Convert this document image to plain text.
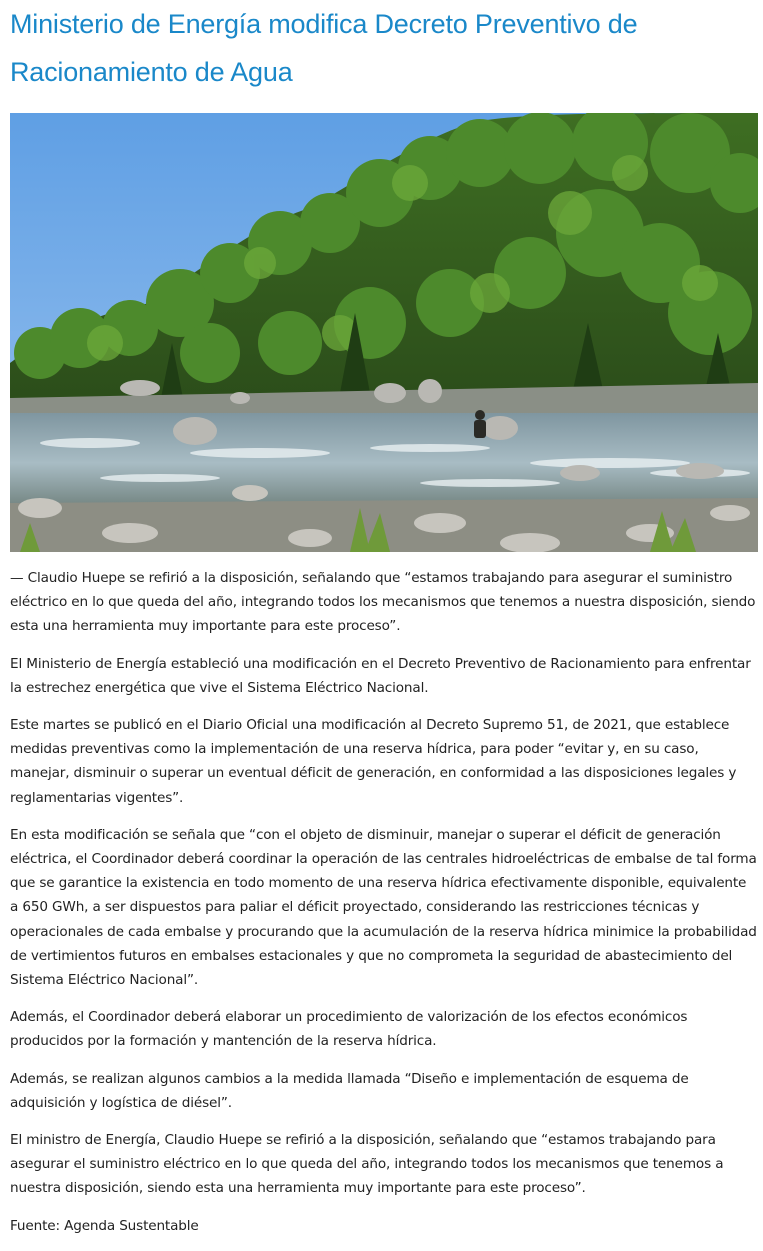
Ministerio de Energía modifica Decreto Preventivo de Racionamiento de Agua

— Claudio Huepe se refirió a la disposición, señalando que “estamos trabajando para asegurar el suministro eléctrico en lo que queda del año, integrando todos los mecanismos que tenemos a nuestra disposición, siendo esta una herramienta muy importante para este proceso”.

El Ministerio de Energía estableció una modificación en el Decreto Preventivo de Racionamiento para enfrentar la estrechez energética que vive el Sistema Eléctrico Nacional.

Este martes se publicó en el Diario Oficial una modificación al Decreto Supremo 51, de 2021, que establece medidas preventivas como la implementación de una reserva hídrica, para poder “evitar y, en su caso, manejar, disminuir o superar un eventual déficit de generación, en conformidad a las disposiciones legales y reglamentarias vigentes”.

En esta modificación se señala que “con el objeto de disminuir, manejar o superar el déficit de generación eléctrica, el Coordinador deberá coordinar la operación de las centrales hidroeléctricas de embalse de tal forma que se garantice la existencia en todo momento de una reserva hídrica efectivamente disponible, equivalente a 650 GWh, a ser dispuestos para paliar el déficit proyectado, considerando las restricciones técnicas y operacionales de cada embalse y procurando que la acumulación de la reserva hídrica minimice la probabilidad de vertimientos futuros en embalses estacionales y que no comprometa la seguridad de abastecimiento del Sistema Eléctrico Nacional”.

Además, el Coordinador deberá elaborar un procedimiento de valorización de los efectos económicos producidos por la formación y mantención de la reserva hídrica.

Además, se realizan algunos cambios a la medida llamada “Diseño e implementación de esquema de adquisición y logística de diésel”.

El ministro de Energía, Claudio Huepe se refirió a la disposición, señalando que “estamos trabajando para asegurar el suministro eléctrico en lo que queda del año, integrando todos los mecanismos que tenemos a nuestra disposición, siendo esta una herramienta muy importante para este proceso”.

Fuente: Agenda Sustentable
